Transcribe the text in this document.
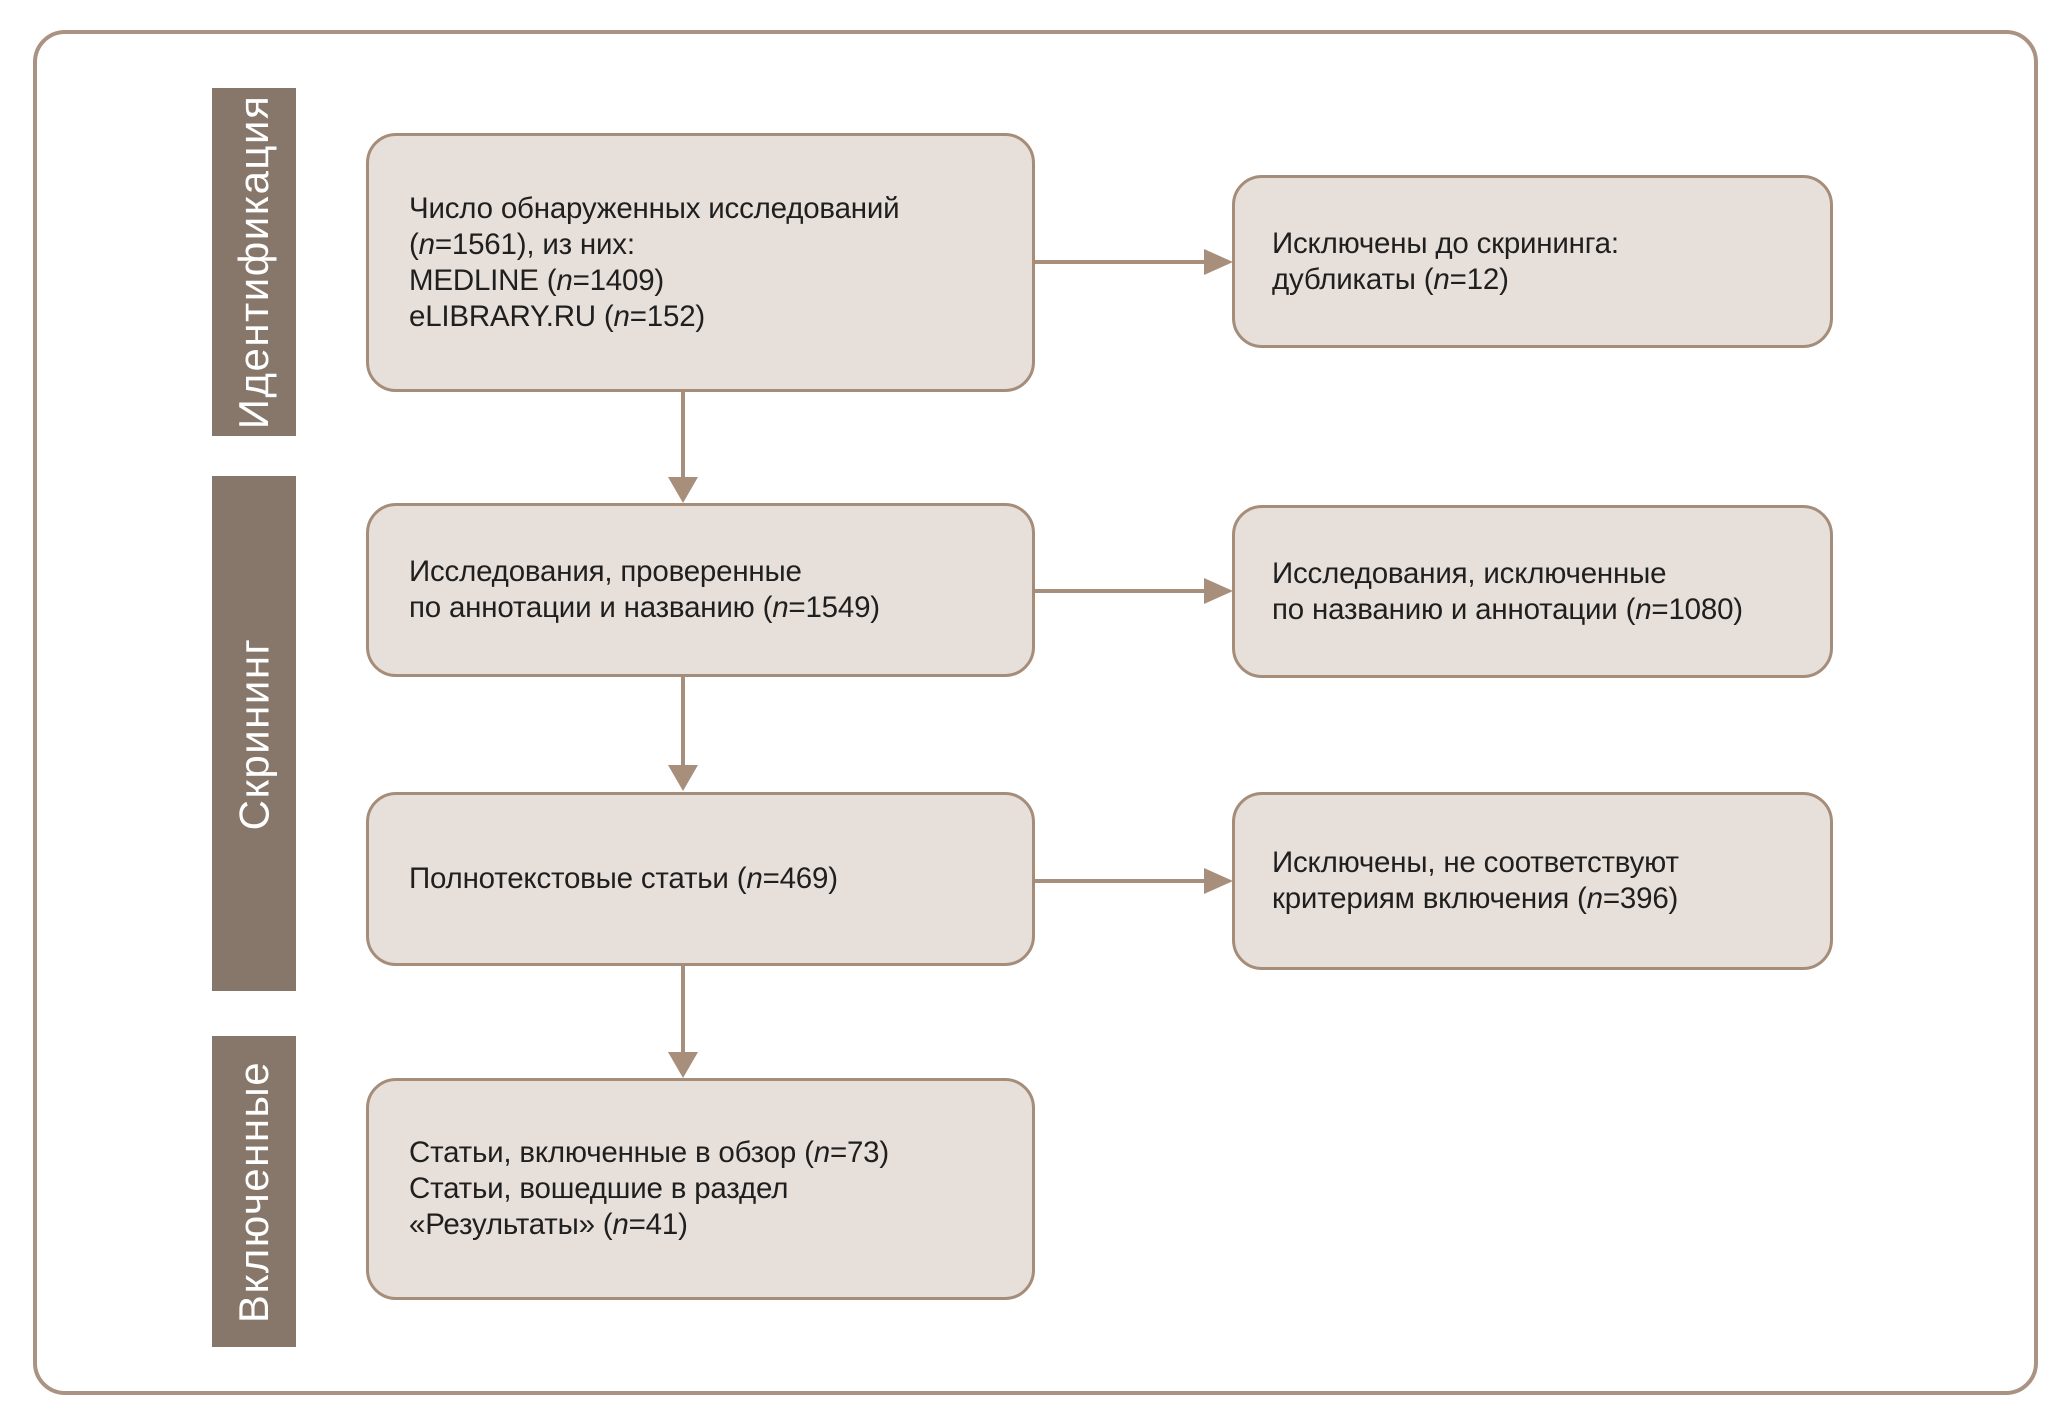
Идентификация
Скрининг
Включенные
Число обнаруженных исследований
(n=1561), из них:
MEDLINE (n=1409)
eLIBRARY.RU (n=152)
Исследования, проверенные
по аннотации и названию (n=1549)
Полнотекстовые статьи (n=469)
Статьи, включенные в обзор (n=73)
Статьи, вошедшие в раздел
«Результаты» (n=41)
Исключены до скрининга:
дубликаты (n=12)
Исследования, исключенные
по названию и аннотации (n=1080)
Исключены, не соответствуют
критериям включения (n=396)
